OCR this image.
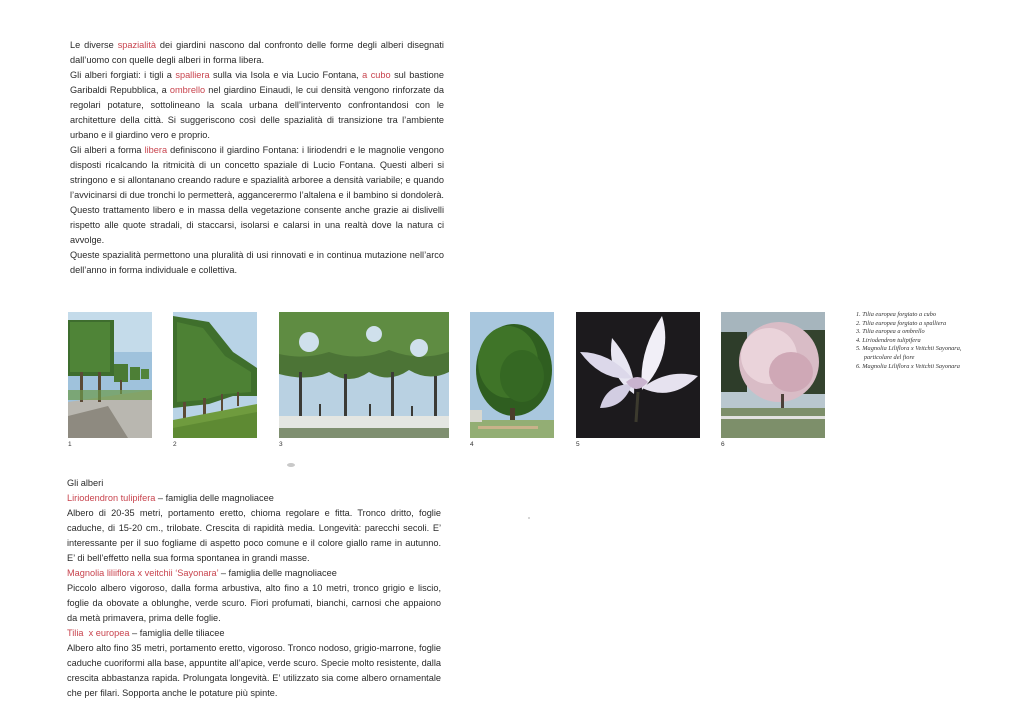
Le diverse spazialità dei giardini nascono dal confronto delle forme degli alberi disegnati dall’uomo con quelle degli alberi in forma libera.

Gli alberi forgiati: i tigli a spalliera sulla via Isola e via Lucio Fontana, a cubo sul bastione Garibaldi Repubblica, a ombrello nel giardino Einaudi, le cui densità vengono rinforzate da regolari potature, sottolineano la scala urbana dell’intervento confrontandosi con le architetture della città. Si suggeriscono così delle spazialità di transizione tra l’ambiente urbano e il giardino vero e proprio.

Gli alberi a forma libera definiscono il giardino Fontana: i liriodendri e le magnolie vengono disposti ricalcando la ritmicità di un concetto spaziale di Lucio Fontana. Questi alberi si stringono e si allontanano creando radure e spazialità arboree a densità variabile; e quando l’avvicinarsi di due tronchi lo permetterà, aggancerermo l’altalena e il bambino si dondolerà. Questo trattamento libero e in massa della vegetazione consente anche grazie ai dislivelli rispetto alle quote stradali, di staccarsi, isolarsi e calarsi in una realtà dove la natura ci avvolge.

Queste spazialità permettono una pluralità di usi rinnovati e in continua mutazione nell’arco dell’anno in forma individuale e collettiva.

1	2	3	4	5	6
1. Tilia europea forgiato a cubo
2. Tilia europea forgiato a spalliera
3. Tilia europea a ombrello
4. Liriodendron tulipifera
5. Magnolia Liliflora x Veitchii Sayonara,
particolare del fiore
6. Magnolia Liliflora x Veitchii Sayonara

Gli alberi

Liriodendron tulipifera – famiglia delle magnoliacee

Albero di 20-35 metri, portamento eretto, chioma regolare e fitta. Tronco dritto, foglie caduche, di 15-20 cm., trilobate. Crescita di rapidità media. Longevità: parecchi secoli. E’ interessante per il suo fogliame di aspetto poco comune e il colore giallo rame in autunno. E’ di bell’effetto nella sua forma spontanea in grandi masse.

Magnolia liliiflora x veitchii ‘Sayonara’ – famiglia delle magnoliacee

Piccolo albero vigoroso, dalla forma arbustiva, alto fino a 10 metri, tronco grigio e liscio, foglie da obovate a oblunghe, verde scuro. Fiori profumati, bianchi, carnosi che appaiono da metà primavera, prima delle foglie.

Tilia  x europea – famiglia delle tiliacee

Albero alto fino 35 metri, portamento eretto, vigoroso. Tronco nodoso, grigio-marrone, foglie caduche cuoriformi alla base, appuntite all’apice, verde scuro. Specie molto resistente, dalla crescita abbastanza rapida. Prolungata longevità. E’ utilizzato sia come albero ornamentale che per filari. Sopporta anche le potature più spinte.
